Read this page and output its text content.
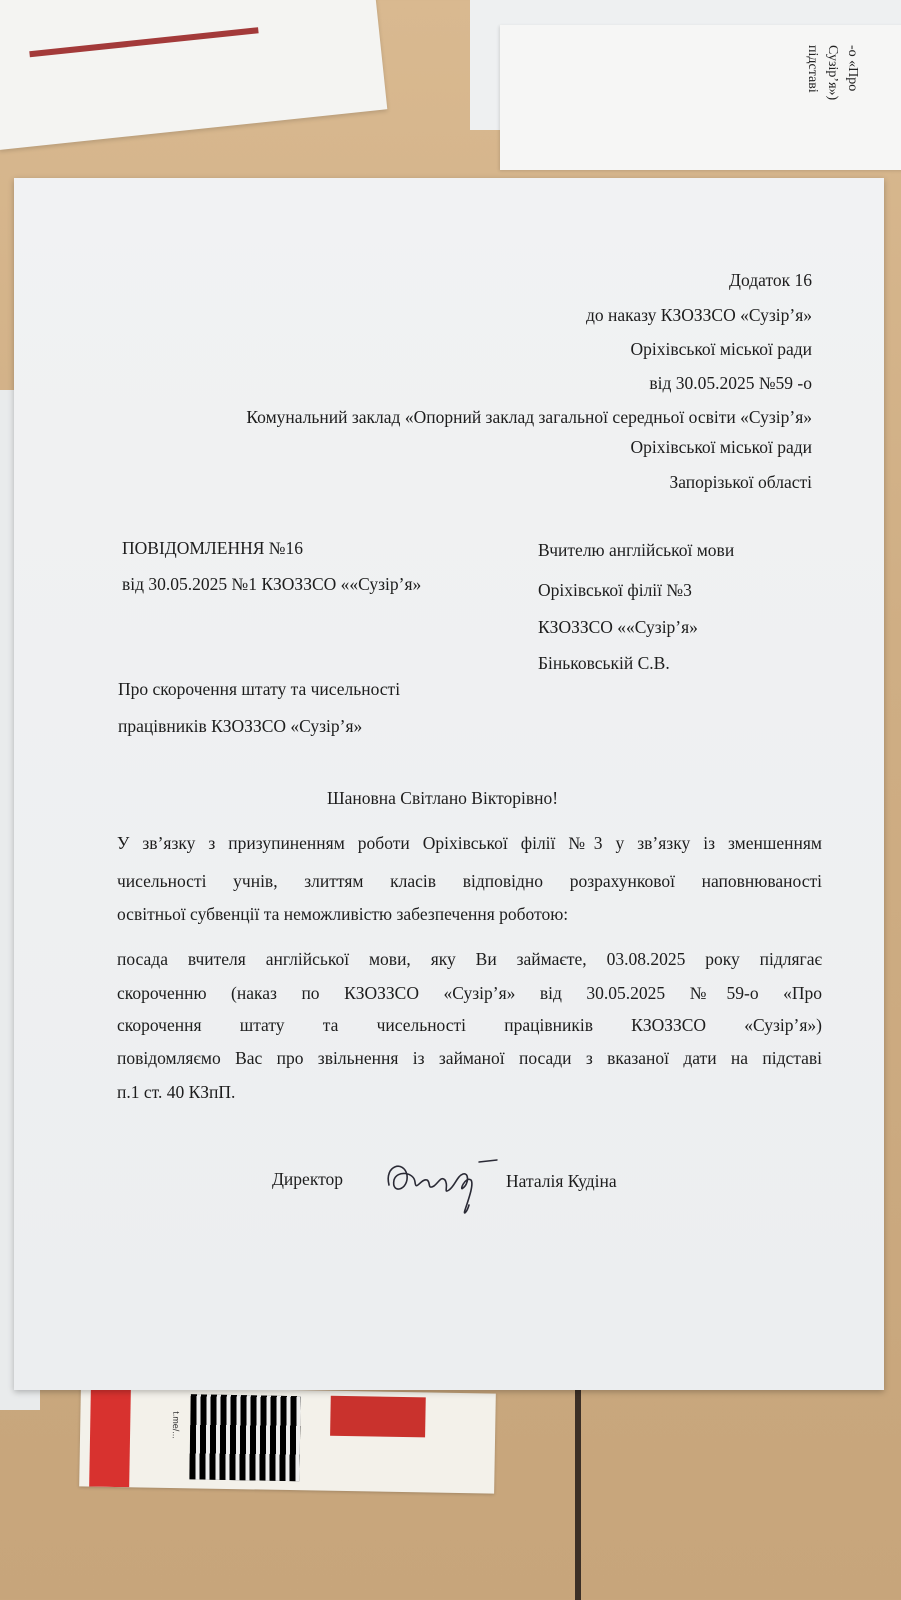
-о «Про
Сузір’я»)
підставі
t.me/...
Додаток 16
до наказу КЗОЗЗСО «Сузір’я»
Оріхівської міської ради
від 30.05.2025 №59 -о
Комунальний заклад «Опорний заклад загальної середньої освіти «Сузір’я»
Оріхівської міської ради
Запорізької області
ПОВІДОМЛЕННЯ №16
від 30.05.2025 №1 КЗОЗЗСО ««Сузір’я»
Вчителю англійської мови
Оріхівської філії №3
КЗОЗЗСО ««Сузір’я»
Біньковській С.В.
Про скорочення штату та чисельності
працівників КЗОЗЗСО «Сузір’я»
Шановна Світлано Вікторівно!
У зв’язку з призупиненням роботи Оріхівської філії №3 у зв’язку із зменшенням
чисельності учнів, злиттям класів відповідно розрахункової наповнюваності
освітньої субвенції та неможливістю забезпечення роботою:
посада вчителя англійської мови, яку Ви займаєте, 03.08.2025 року підлягає
скороченню (наказ по КЗОЗЗСО «Сузір’я» від 30.05.2025 №59-о «Про
скорочення штату та чисельності працівників КЗОЗЗСО «Сузір’я»)
повідомляємо Вас про звільнення із займаної посади з вказаної дати на підставі
п.1 ст. 40 КЗпП.
Директор	Наталія Кудіна
